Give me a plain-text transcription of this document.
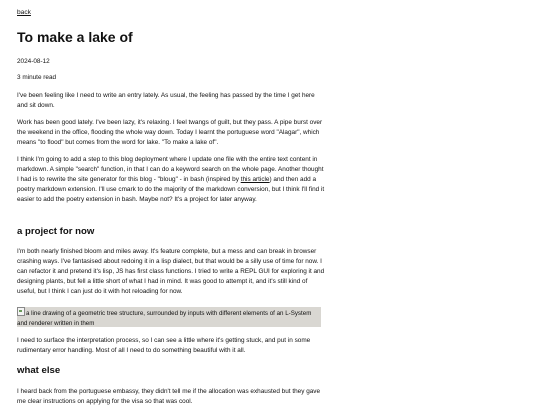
back
To make a lake of

2024-08-12

3 minute read

I've been feeling like I need to write an entry lately. As usual, the feeling has passed by the time I get here and sit down.

Work has been good lately. I've been lazy, it's relaxing. I feel twangs of guilt, but they pass. A pipe burst over the weekend in the office, flooding the whole way down. Today I learnt the portuguese word "Alagar", which means "to flood" but comes from the word for lake. "To make a lake of".

I think I'm going to add a step to this blog deployment where I update one file with the entire text content in markdown. A simple "search" function, in that I can do a keyword search on the whole page. Another thought I had is to rewrite the site generator for this blog - "bloug" - in bash (inspired by this article) and then add a poetry markdown extension. I'll use cmark to do the majority of the markdown conversion, but I think I'll find it easier to add the poetry extension in bash. Maybe not? It's a project for later anyway.

a project for now

I'm both nearly finished bloom and miles away. It's feature complete, but a mess and can break in browser crashing ways. I've fantasised about redoing it in a lisp dialect, but that would be a silly use of time for now. I can refactor it and pretend it's lisp, JS has first class functions. I tried to write a REPL GUI for exploring it and designing plants, but fell a little short of what I had in mind. It was good to attempt it, and it's still kind of useful, but I think I can just do it with hot reloading for now.

a line drawing of a geometric tree structure, surrounded by inputs with different elements of an L-System and renderer written in them

I need to surface the interpretation process, so I can see a little where it's getting stuck, and put in some rudimentary error handling. Most of all I need to do something beautiful with it all.

what else

I heard back from the portuguese embassy, they didn't tell me if the allocation was exhausted but they gave me clear instructions on applying for the visa so that was cool.
